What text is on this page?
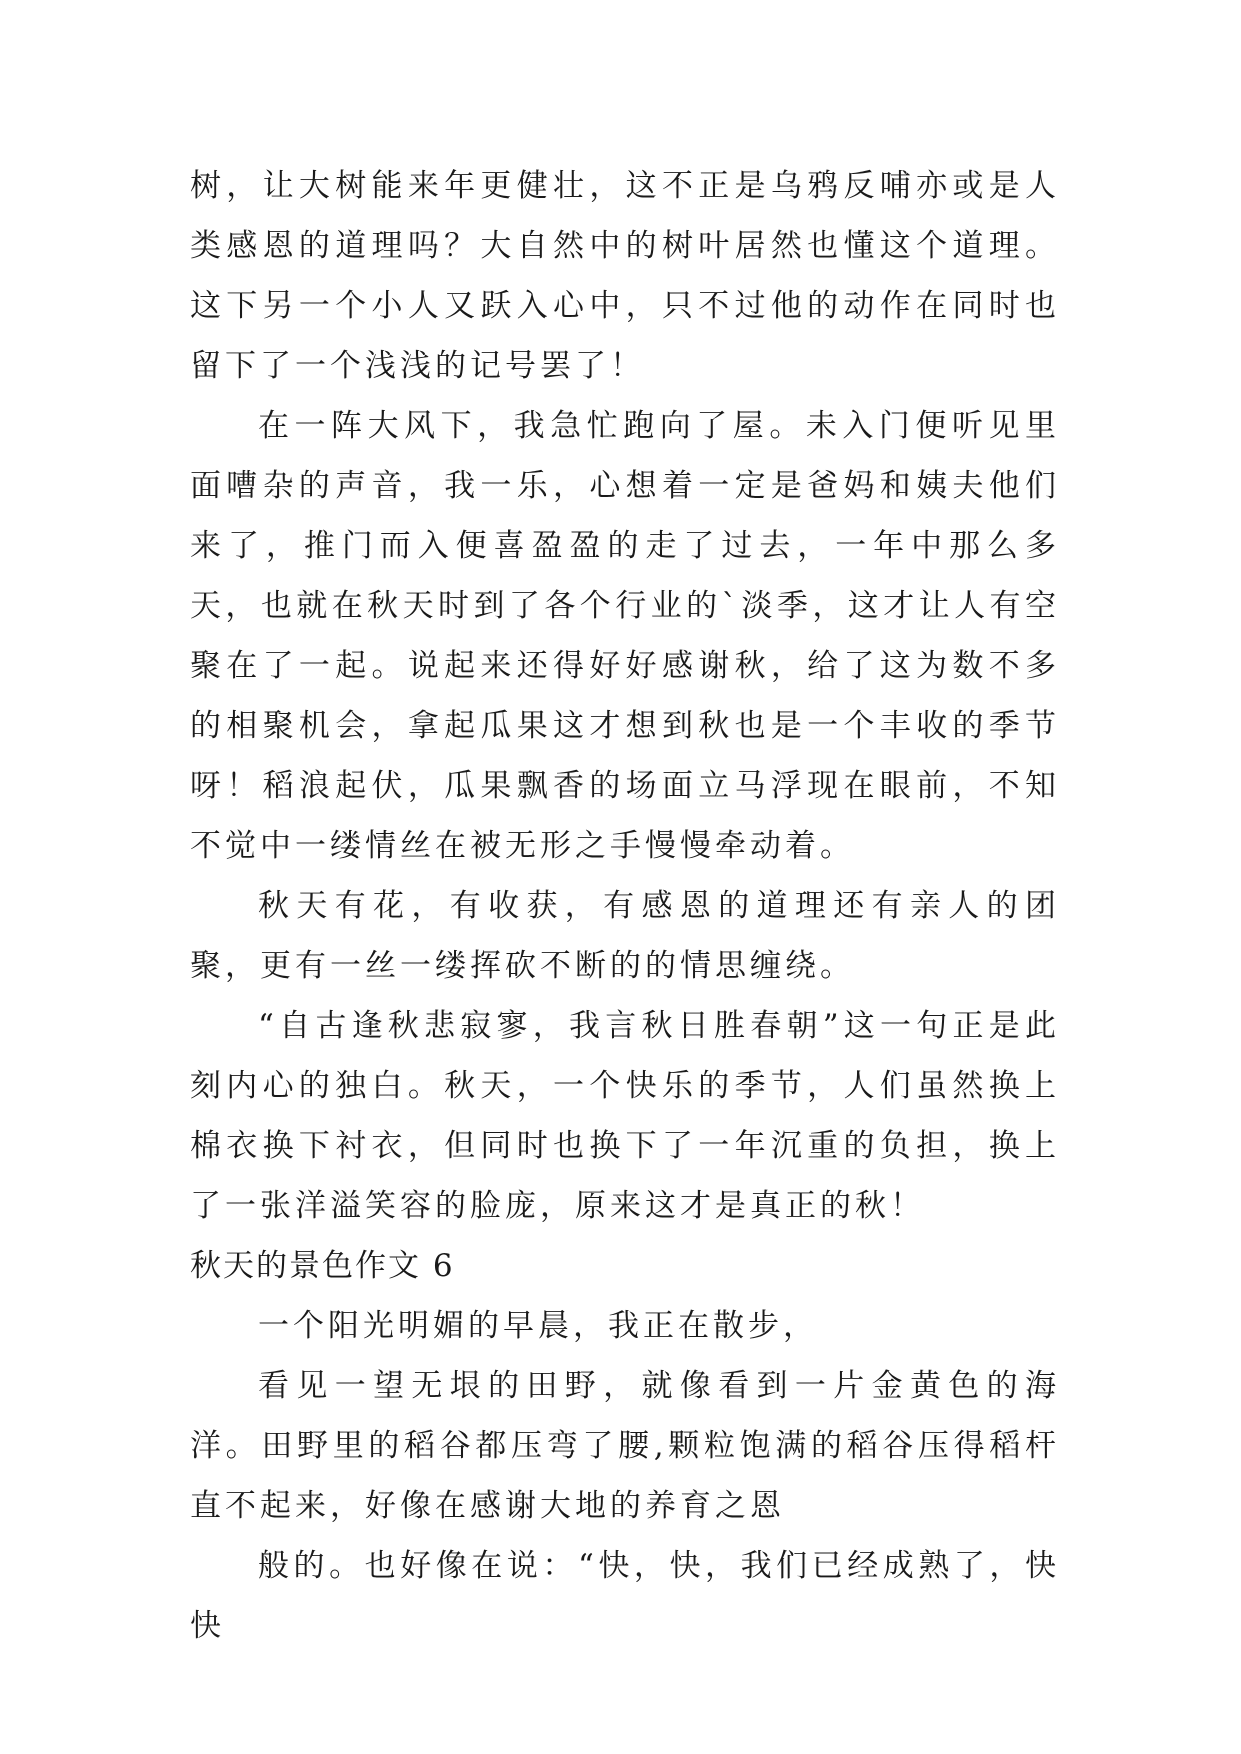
树，让大树能来年更健壮，这不正是乌鸦反哺亦或是人类感恩的道理吗？大自然中的树叶居然也懂这个道理。这下另一个小人又跃入心中，只不过他的动作在同时也留下了一个浅浅的记号罢了！

在一阵大风下，我急忙跑向了屋。未入门便听见里面嘈杂的声音，我一乐，心想着一定是爸妈和姨夫他们来了，推门而入便喜盈盈的走了过去，一年中那么多天，也就在秋天时到了各个行业的`淡季，这才让人有空聚在了一起。说起来还得好好感谢秋，给了这为数不多的相聚机会，拿起瓜果这才想到秋也是一个丰收的季节呀！稻浪起伏，瓜果飘香的场面立马浮现在眼前，不知不觉中一缕情丝在被无形之手慢慢牵动着。

秋天有花，有收获，有感恩的道理还有亲人的团聚，更有一丝一缕挥砍不断的的情思缠绕。

“自古逢秋悲寂寥，我言秋日胜春朝”这一句正是此刻内心的独白。秋天，一个快乐的季节，人们虽然换上棉衣换下衬衣，但同时也换下了一年沉重的负担，换上了一张洋溢笑容的脸庞，原来这才是真正的秋！

秋天的景色作文 6

一个阳光明媚的早晨，我正在散步，

看见一望无垠的田野，就像看到一片金黄色的海洋。田野里的稻谷都压弯了腰,颗粒饱满的稻谷压得稻杆直不起来，好像在感谢大地的养育之恩

般的。也好像在说：“快，快，我们已经成熟了，快快
